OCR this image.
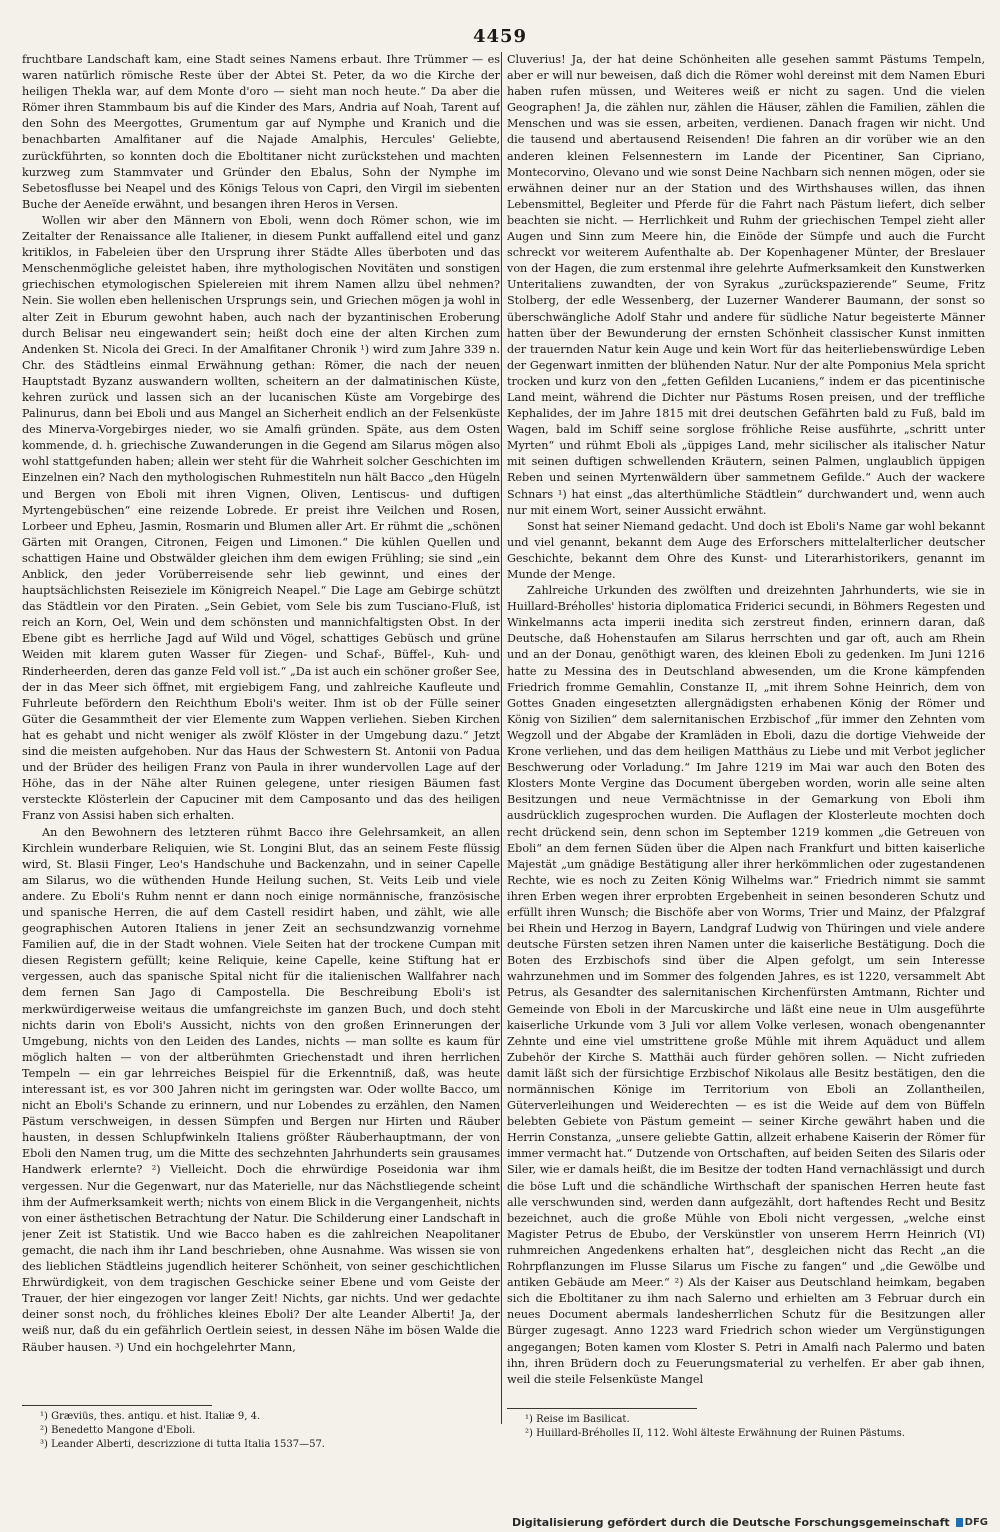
4459

fruchtbare Landschaft kam, eine Stadt seines Namens erbaut. Ihre Trümmer — es waren natürlich römische Reste über der Abtei St. Peter, da wo die Kirche der heiligen Thekla war, auf dem Monte d'oro — sieht man noch heute.“ Da aber die Römer ihren Stammbaum bis auf die Kinder des Mars, Andria auf Noah, Tarent auf den Sohn des Meergottes, Grumentum gar auf Nymphe und Kranich und die benachbarten Amalfitaner auf die Najade Amalphis, Hercules' Geliebte, zurückführten, so konnten doch die Eboltitaner nicht zurückstehen und machten kurzweg zum Stammvater und Gründer den Ebalus, Sohn der Nymphe im Sebetosflusse bei Neapel und des Königs Telous von Capri, den Virgil im siebenten Buche der Aeneïde erwähnt, und besangen ihren Heros in Versen.

Wollen wir aber den Männern von Eboli, wenn doch Römer schon, wie im Zeitalter der Renaissance alle Italiener, in diesem Punkt auffallend eitel und ganz kritiklos, in Fabeleien über den Ursprung ihrer Städte Alles überboten und das Menschenmögliche geleistet haben, ihre mythologischen Novitäten und sonstigen griechischen etymologischen Spielereien mit ihrem Namen allzu übel nehmen? Nein. Sie wollen eben hellenischen Ursprungs sein, und Griechen mögen ja wohl in alter Zeit in Eburum gewohnt haben, auch nach der byzantinischen Eroberung durch Belisar neu eingewandert sein; heißt doch eine der alten Kirchen zum Andenken St. Nicola dei Greci. In der Amalfitaner Chronik ¹) wird zum Jahre 339 n. Chr. des Städtleins einmal Erwähnung gethan: Römer, die nach der neuen Hauptstadt Byzanz auswandern wollten, scheitern an der dalmatinischen Küste, kehren zurück und lassen sich an der lucanischen Küste am Vorgebirge des Palinurus, dann bei Eboli und aus Mangel an Sicherheit endlich an der Felsenküste des Minerva-Vorgebirges nieder, wo sie Amalfi gründen. Späte, aus dem Osten kommende, d. h. griechische Zuwanderungen in die Gegend am Silarus mögen also wohl stattgefunden haben; allein wer steht für die Wahrheit solcher Geschichten im Einzelnen ein? Nach den mythologischen Ruhmestiteln nun hält Bacco „den Hügeln und Bergen von Eboli mit ihren Vignen, Oliven, Lentiscus- und duftigen Myrtengebüschen“ eine reizende Lobrede. Er preist ihre Veilchen und Rosen, Lorbeer und Epheu, Jasmin, Rosmarin und Blumen aller Art. Er rühmt die „schönen Gärten mit Orangen, Citronen, Feigen und Limonen.“ Die kühlen Quellen und schattigen Haine und Obstwälder gleichen ihm dem ewigen Frühling; sie sind „ein Anblick, den jeder Vorüberreisende sehr lieb gewinnt, und eines der hauptsächlichsten Reiseziele im Königreich Neapel.“ Die Lage am Gebirge schützt das Städtlein vor den Piraten. „Sein Gebiet, vom Sele bis zum Tusciano-Fluß, ist reich an Korn, Oel, Wein und dem schönsten und mannichfaltigsten Obst. In der Ebene gibt es herrliche Jagd auf Wild und Vögel, schattiges Gebüsch und grüne Weiden mit klarem guten Wasser für Ziegen- und Schaf-, Büffel-, Kuh- und Rinderheerden, deren das ganze Feld voll ist.“ „Da ist auch ein schöner großer See, der in das Meer sich öffnet, mit ergiebigem Fang, und zahlreiche Kaufleute und Fuhrleute befördern den Reichthum Eboli's weiter. Ihm ist ob der Fülle seiner Güter die Gesammtheit der vier Elemente zum Wappen verliehen. Sieben Kirchen hat es gehabt und nicht weniger als zwölf Klöster in der Umgebung dazu.“ Jetzt sind die meisten aufgehoben. Nur das Haus der Schwestern St. Antonii von Padua und der Brüder des heiligen Franz von Paula in ihrer wundervollen Lage auf der Höhe, das in der Nähe alter Ruinen gelegene, unter riesigen Bäumen fast versteckte Klösterlein der Capuciner mit dem Camposanto und das des heiligen Franz von Assisi haben sich erhalten.

An den Bewohnern des letzteren rühmt Bacco ihre Gelehrsamkeit, an allen Kirchlein wunderbare Reliquien, wie St. Longini Blut, das an seinem Feste flüssig wird, St. Blasii Finger, Leo's Handschuhe und Backenzahn, und in seiner Capelle am Silarus, wo die wüthenden Hunde Heilung suchen, St. Veits Leib und viele andere. Zu Eboli's Ruhm nennt er dann noch einige normännische, französische und spanische Herren, die auf dem Castell residirt haben, und zählt, wie alle geographischen Autoren Italiens in jener Zeit an sechsundzwanzig vornehme Familien auf, die in der Stadt wohnen. Viele Seiten hat der trockene Cumpan mit diesen Registern gefüllt; keine Reliquie, keine Capelle, keine Stiftung hat er vergessen, auch das spanische Spital nicht für die italienischen Wallfahrer nach dem fernen San Jago di Campostella. Die Beschreibung Eboli's ist merkwürdigerweise weitaus die umfangreichste im ganzen Buch, und doch steht nichts darin von Eboli's Aussicht, nichts von den großen Erinnerungen der Umgebung, nichts von den Leiden des Landes, nichts — man sollte es kaum für möglich halten — von der altberühmten Griechenstadt und ihren herrlichen Tempeln — ein gar lehrreiches Beispiel für die Erkenntniß, daß, was heute interessant ist, es vor 300 Jahren nicht im geringsten war. Oder wollte Bacco, um nicht an Eboli's Schande zu erinnern, und nur Lobendes zu erzählen, den Namen Pästum verschweigen, in dessen Sümpfen und Bergen nur Hirten und Räuber hausten, in dessen Schlupfwinkeln Italiens größter Räuberhauptmann, der von Eboli den Namen trug, um die Mitte des sechzehnten Jahrhunderts sein grausames Handwerk erlernte? ²) Vielleicht. Doch die ehrwürdige Poseidonia war ihm vergessen. Nur die Gegenwart, nur das Materielle, nur das Nächstliegende scheint ihm der Aufmerksamkeit werth; nichts von einem Blick in die Vergangenheit, nichts von einer ästhetischen Betrachtung der Natur. Die Schilderung einer Landschaft in jener Zeit ist Statistik. Und wie Bacco haben es die zahlreichen Neapolitaner gemacht, die nach ihm ihr Land beschrieben, ohne Ausnahme. Was wissen sie von des lieblichen Städtleins jugendlich heiterer Schönheit, von seiner geschichtlichen Ehrwürdigkeit, von dem tragischen Geschicke seiner Ebene und vom Geiste der Trauer, der hier eingezogen vor langer Zeit! Nichts, gar nichts. Und wer gedachte deiner sonst noch, du fröhliches kleines Eboli? Der alte Leander Alberti! Ja, der weiß nur, daß du ein gefährlich Oertlein seiest, in dessen Nähe im bösen Walde die Räuber hausen. ³) Und ein hochgelehrter Mann,

Cluverius! Ja, der hat deine Schönheiten alle gesehen sammt Pästums Tempeln, aber er will nur beweisen, daß dich die Römer wohl dereinst mit dem Namen Eburi haben rufen müssen, und Weiteres weiß er nicht zu sagen. Und die vielen Geographen! Ja, die zählen nur, zählen die Häuser, zählen die Familien, zählen die Menschen und was sie essen, arbeiten, verdienen. Danach fragen wir nicht. Und die tausend und abertausend Reisenden! Die fahren an dir vorüber wie an den anderen kleinen Felsennestern im Lande der Picentiner, San Cipriano, Montecorvino, Olevano und wie sonst Deine Nachbarn sich nennen mögen, oder sie erwähnen deiner nur an der Station und des Wirthshauses willen, das ihnen Lebensmittel, Begleiter und Pferde für die Fahrt nach Pästum liefert, dich selber beachten sie nicht. — Herrlichkeit und Ruhm der griechischen Tempel zieht aller Augen und Sinn zum Meere hin, die Einöde der Sümpfe und auch die Furcht schreckt vor weiterem Aufenthalte ab. Der Kopenhagener Münter, der Breslauer von der Hagen, die zum erstenmal ihre gelehrte Aufmerksamkeit den Kunstwerken Unteritaliens zuwandten, der von Syrakus „zurückspazierende“ Seume, Fritz Stolberg, der edle Wessenberg, der Luzerner Wanderer Baumann, der sonst so überschwängliche Adolf Stahr und andere für südliche Natur begeisterte Männer hatten über der Bewunderung der ernsten Schönheit classischer Kunst inmitten der trauernden Natur kein Auge und kein Wort für das heiterliebenswürdige Leben der Gegenwart inmitten der blühenden Natur. Nur der alte Pomponius Mela spricht trocken und kurz von den „fetten Gefilden Lucaniens,“ indem er das picentinische Land meint, während die Dichter nur Pästums Rosen preisen, und der treffliche Kephalides, der im Jahre 1815 mit drei deutschen Gefährten bald zu Fuß, bald im Wagen, bald im Schiff seine sorglose fröhliche Reise ausführte, „schritt unter Myrten“ und rühmt Eboli als „üppiges Land, mehr sicilischer als italischer Natur mit seinen duftigen schwellenden Kräutern, seinen Palmen, unglaublich üppigen Reben und seinen Myrtenwäldern über sammetnem Gefilde.“ Auch der wackere Schnars ¹) hat einst „das alterthümliche Städtlein“ durchwandert und, wenn auch nur mit einem Wort, seiner Aussicht erwähnt.

Sonst hat seiner Niemand gedacht. Und doch ist Eboli's Name gar wohl bekannt und viel genannt, bekannt dem Auge des Erforschers mittelalterlicher deutscher Geschichte, bekannt dem Ohre des Kunst- und Literarhistorikers, genannt im Munde der Menge.

Zahlreiche Urkunden des zwölften und dreizehnten Jahrhunderts, wie sie in Huillard-Bréholles' historia diplomatica Friderici secundi, in Böhmers Regesten und Winkelmanns acta imperii inedita sich zerstreut finden, erinnern daran, daß Deutsche, daß Hohenstaufen am Silarus herrschten und gar oft, auch am Rhein und an der Donau, genöthigt waren, des kleinen Eboli zu gedenken. Im Juni 1216 hatte zu Messina des in Deutschland abwesenden, um die Krone kämpfenden Friedrich fromme Gemahlin, Constanze II, „mit ihrem Sohne Heinrich, dem von Gottes Gnaden eingesetzten allergnädigsten erhabenen König der Römer und König von Sizilien“ dem salernitanischen Erzbischof „für immer den Zehnten vom Wegzoll und der Abgabe der Kramläden in Eboli, dazu die dortige Viehweide der Krone verliehen, und das dem heiligen Matthäus zu Liebe und mit Verbot jeglicher Beschwerung oder Vorladung.“ Im Jahre 1219 im Mai war auch den Boten des Klosters Monte Vergine das Document übergeben worden, worin alle seine alten Besitzungen und neue Vermächtnisse in der Gemarkung von Eboli ihm ausdrücklich zugesprochen wurden. Die Auflagen der Klosterleute mochten doch recht drückend sein, denn schon im September 1219 kommen „die Getreuen von Eboli“ an dem fernen Süden über die Alpen nach Frankfurt und bitten kaiserliche Majestät „um gnädige Bestätigung aller ihrer herkömmlichen oder zugestandenen Rechte, wie es noch zu Zeiten König Wilhelms war.“ Friedrich nimmt sie sammt ihren Erben wegen ihrer erprobten Ergebenheit in seinen besonderen Schutz und erfüllt ihren Wunsch; die Bischöfe aber von Worms, Trier und Mainz, der Pfalzgraf bei Rhein und Herzog in Bayern, Landgraf Ludwig von Thüringen und viele andere deutsche Fürsten setzen ihren Namen unter die kaiserliche Bestätigung. Doch die Boten des Erzbischofs sind über die Alpen gefolgt, um sein Interesse wahrzunehmen und im Sommer des folgenden Jahres, es ist 1220, versammelt Abt Petrus, als Gesandter des salernitanischen Kirchenfürsten Amtmann, Richter und Gemeinde von Eboli in der Marcuskirche und läßt eine neue in Ulm ausgeführte kaiserliche Urkunde vom 3 Juli vor allem Volke verlesen, wonach obengenannter Zehnte und eine viel umstrittene große Mühle mit ihrem Aquäduct und allem Zubehör der Kirche S. Matthäi auch fürder gehören sollen. — Nicht zufrieden damit läßt sich der fürsichtige Erzbischof Nikolaus alle Besitz bestätigen, den die normännischen Könige im Territorium von Eboli an Zollantheilen, Güterverleihungen und Weiderechten — es ist die Weide auf dem von Büffeln belebten Gebiete von Pästum gemeint — seiner Kirche gewährt haben und die Herrin Constanza, „unsere geliebte Gattin, allzeit erhabene Kaiserin der Römer für immer vermacht hat.“ Dutzende von Ortschaften, auf beiden Seiten des Silaris oder Siler, wie er damals heißt, die im Besitze der todten Hand vernachlässigt und durch die böse Luft und die schändliche Wirthschaft der spanischen Herren heute fast alle verschwunden sind, werden dann aufgezählt, dort haftendes Recht und Besitz bezeichnet, auch die große Mühle von Eboli nicht vergessen, „welche einst Magister Petrus de Ebubo, der Verskünstler von unserem Herrn Heinrich (VI) ruhmreichen Angedenkens erhalten hat“, desgleichen nicht das Recht „an die Rohrpflanzungen im Flusse Silarus um Fische zu fangen“ und „die Gewölbe und antiken Gebäude am Meer.“ ²) Als der Kaiser aus Deutschland heimkam, begaben sich die Eboltitaner zu ihm nach Salerno und erhielten am 3 Februar durch ein neues Document abermals landesherrlichen Schutz für die Besitzungen aller Bürger zugesagt. Anno 1223 ward Friedrich schon wieder um Vergünstigungen angegangen; Boten kamen vom Kloster S. Petri in Amalfi nach Palermo und baten ihn, ihren Brüdern doch zu Feuerungsmaterial zu verhelfen. Er aber gab ihnen, weil die steile Felsenküste Mangel

¹) Græviüs, thes. antiqu. et hist. Italiæ 9, 4.
²) Benedetto Mangone d'Eboli.
³) Leander Alberti, descrizzione di tutta Italia 1537—57.
¹) Reise im Basilicat.
²) Huillard-Bréholles II, 112. Wohl älteste Erwähnung der Ruinen Pästums.
Digitalisierung gefördert durch die Deutsche Forschungsgemeinschaft DFG
